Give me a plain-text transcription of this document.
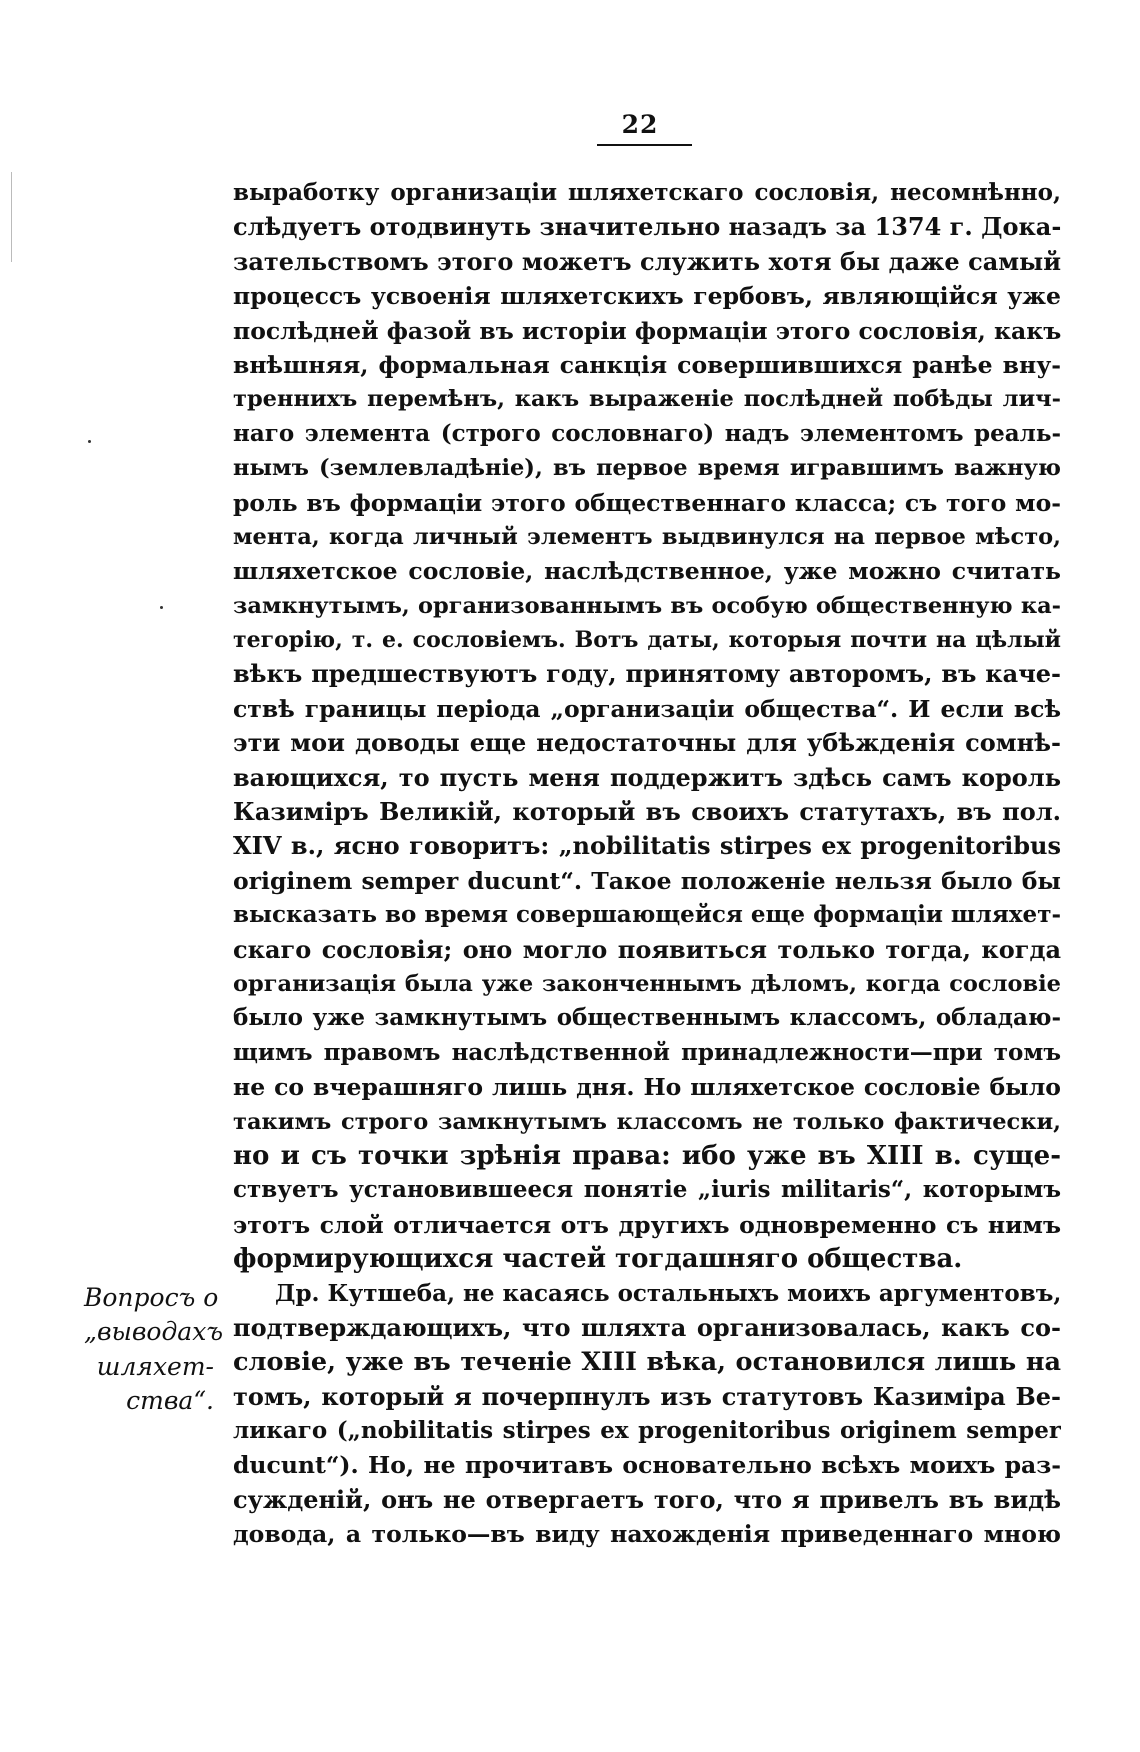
22
Вопросъ о
„выводахъ
шляхет-
ства“.
выработку организаціи шляхетскаго сословія, несомнѣнно,
слѣдуетъ отодвинуть значительно назадъ за 1374 г. Дока-
зательствомъ этого можетъ служить хотя бы даже самый
процессъ усвоенія шляхетскихъ гербовъ, являющійся уже
послѣдней фазой въ исторіи формаціи этого сословія, какъ
внѣшняя, формальная санкція совершившихся ранѣе вну-
треннихъ перемѣнъ, какъ выраженіе послѣдней побѣды лич-
наго элемента (строго сословнаго) надъ элементомъ реаль-
нымъ (землевладѣніе), въ первое время игравшимъ важную
роль въ формаціи этого общественнаго класса; съ того мо-
мента, когда личный элементъ выдвинулся на первое мѣсто,
шляхетское сословіе, наслѣдственное, уже можно считать
замкнутымъ, организованнымъ въ особую общественную ка-
тегорію, т. е. сословіемъ. Вотъ даты, которыя почти на цѣлый
вѣкъ предшествуютъ году, принятому авторомъ, въ каче-
ствѣ границы періода „организаціи общества“. И если всѣ
эти мои доводы еще недостаточны для убѣжденія сомнѣ-
вающихся, то пусть меня поддержитъ здѣсь самъ король
Казиміръ Великій, который въ своихъ статутахъ, въ пол.
XIV в., ясно говоритъ: „nobilitatis stirpes ex progenitoribus
originem semper ducunt“. Такое положеніе нельзя было бы
высказать во время совершающейся еще формаціи шляхет-
скаго сословія; оно могло появиться только тогда, когда
организація была уже законченнымъ дѣломъ, когда сословіе
было уже замкнутымъ общественнымъ классомъ, обладаю-
щимъ правомъ наслѣдственной принадлежности—при томъ
не со вчерашняго лишь дня. Но шляхетское сословіе было
такимъ строго замкнутымъ классомъ не только фактически,
но и съ точки зрѣнія права: ибо уже въ XIII в. суще-
ствуетъ установившееся понятіе „iuris militaris“, которымъ
этотъ слой отличается отъ другихъ одновременно съ нимъ
формирующихся частей тогдашняго общества.
Др. Кутшеба, не касаясь остальныхъ моихъ аргументовъ,
подтверждающихъ, что шляхта организовалась, какъ со-
словіе, уже въ теченіе XIII вѣка, остановился лишь на
томъ, который я почерпнулъ изъ статутовъ Казиміра Ве-
ликаго („nobilitatis stirpes ex progenitoribus originem semper
ducunt“). Но, не прочитавъ основательно всѣхъ моихъ раз-
сужденій, онъ не отвергаетъ того, что я привелъ въ видѣ
довода, а только—въ виду нахожденія приведеннаго мною
